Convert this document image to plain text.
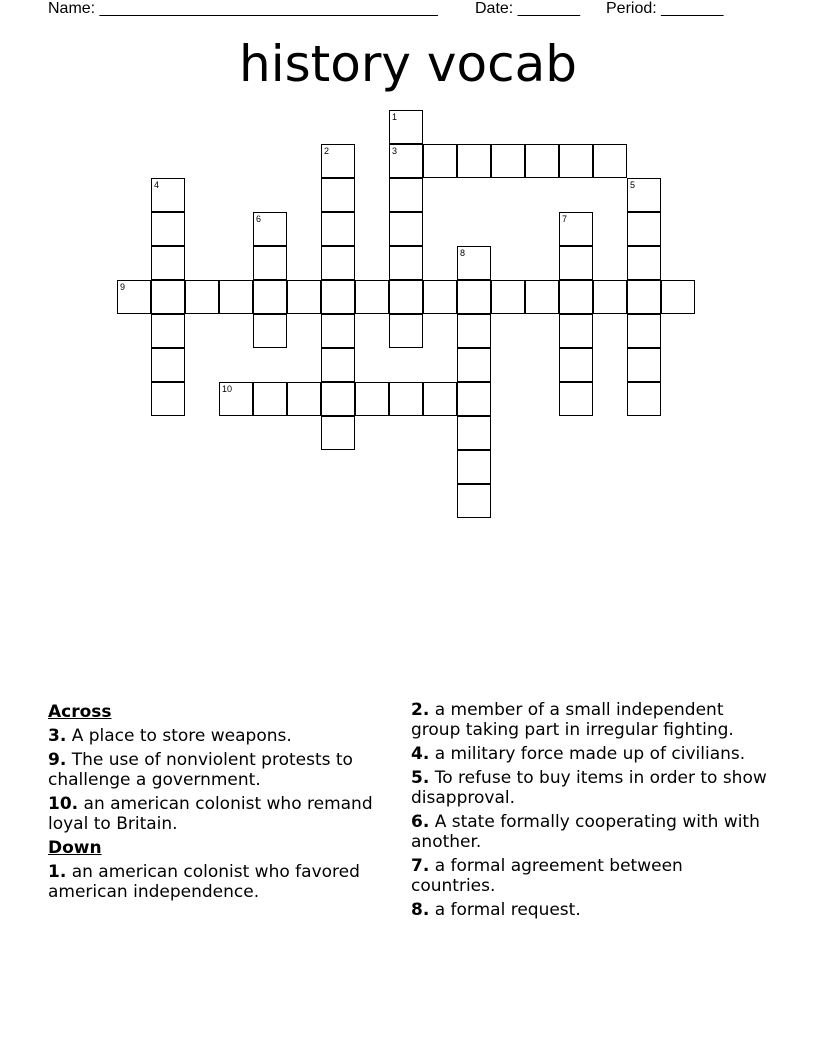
Name: ______________________________________ Date: _______ Period: _______
history vocab
1
3
2
4	5
6	7
8
9
10
Across
3. A place to store weapons.
9. The use of nonviolent protests to challenge a government.
10. an american colonist who remand loyal to Britain.
Down
1. an american colonist who favored american independence.
2. a member of a small independent group taking part in irregular fighting.
4. a military force made up of civilians.
5. To refuse to buy items in order to show disapproval.
6. A state formally cooperating with with another.
7. a formal agreement between countries.
8. a formal request.
